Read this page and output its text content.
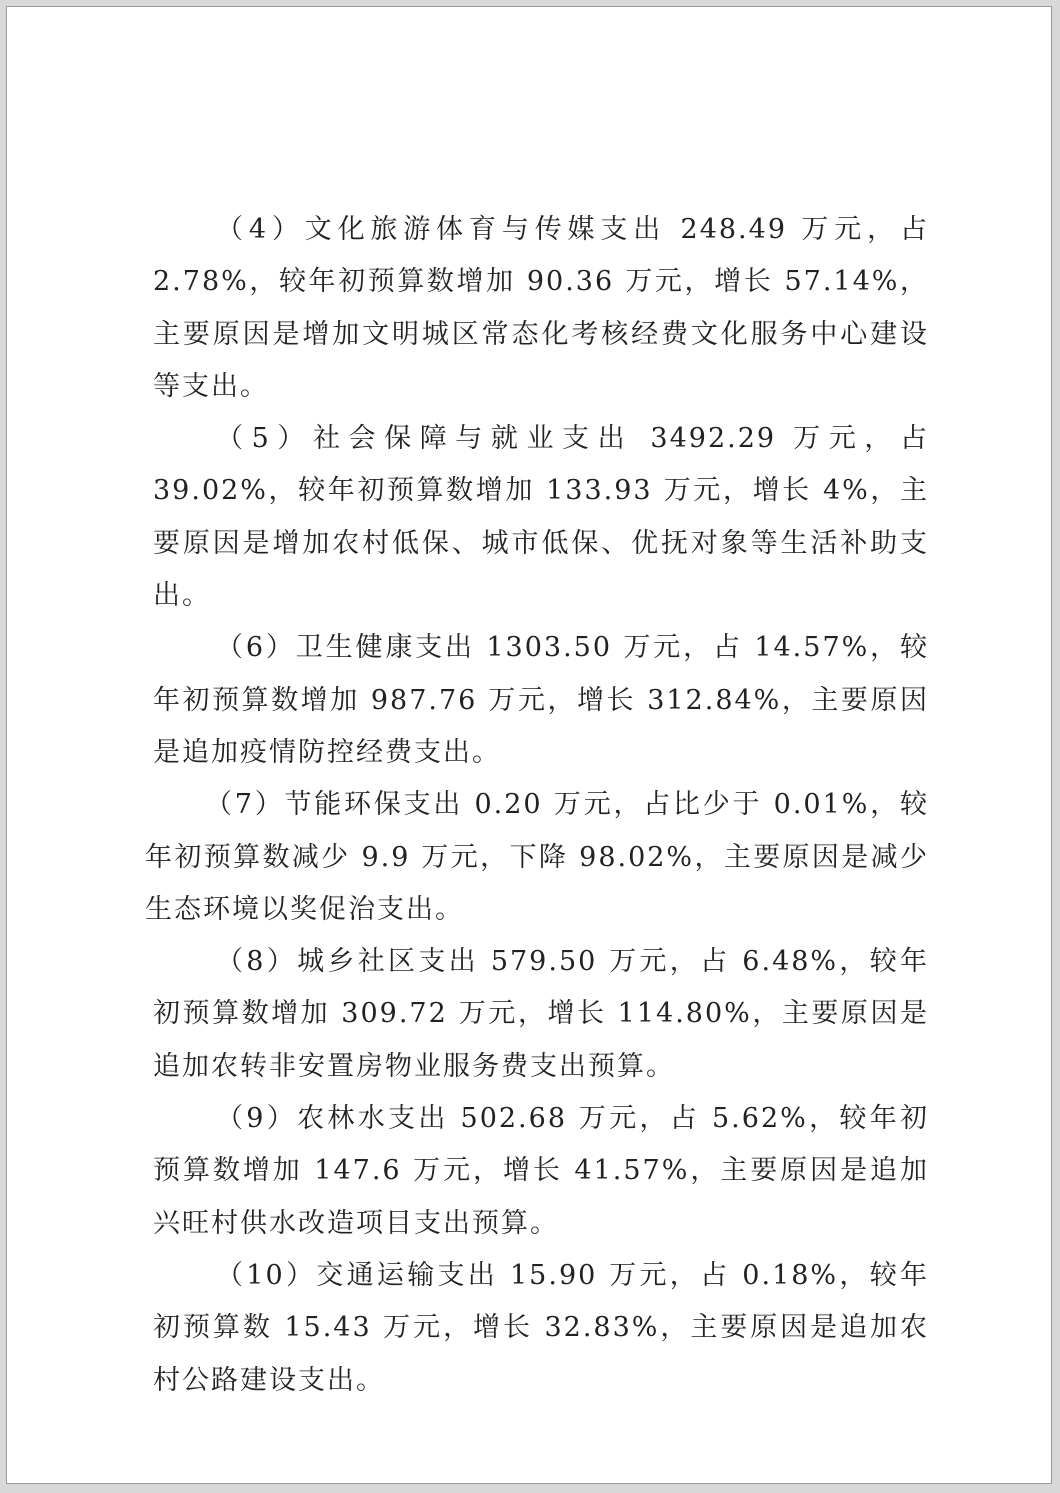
（4）文化旅游体育与传媒支出 248.49 万元，占 2.78%，较年初预算数增加 90.36 万元，增长 57.14%，主要原因是增加文明城区常态化考核经费文化服务中心建设等支出。

（5）社会保障与就业支出 3492.29 万元，占 39.02%，较年初预算数增加 133.93 万元，增长 4%，主要原因是增加农村低保、城市低保、优抚对象等生活补助支出。

（6）卫生健康支出 1303.50 万元，占 14.57%，较年初预算数增加 987.76 万元，增长 312.84%，主要原因是追加疫情防控经费支出。

（7）节能环保支出 0.20 万元，占比少于 0.01%，较年初预算数减少 9.9 万元，下降 98.02%，主要原因是减少生态环境以奖促治支出。

（8）城乡社区支出 579.50 万元，占 6.48%，较年初预算数增加 309.72 万元，增长 114.80%，主要原因是追加农转非安置房物业服务费支出预算。

（9）农林水支出 502.68 万元，占 5.62%，较年初预算数增加 147.6 万元，增长 41.57%，主要原因是追加兴旺村供水改造项目支出预算。

（10）交通运输支出 15.90 万元，占 0.18%，较年初预算数 15.43 万元，增长 32.83%，主要原因是追加农村公路建设支出。
